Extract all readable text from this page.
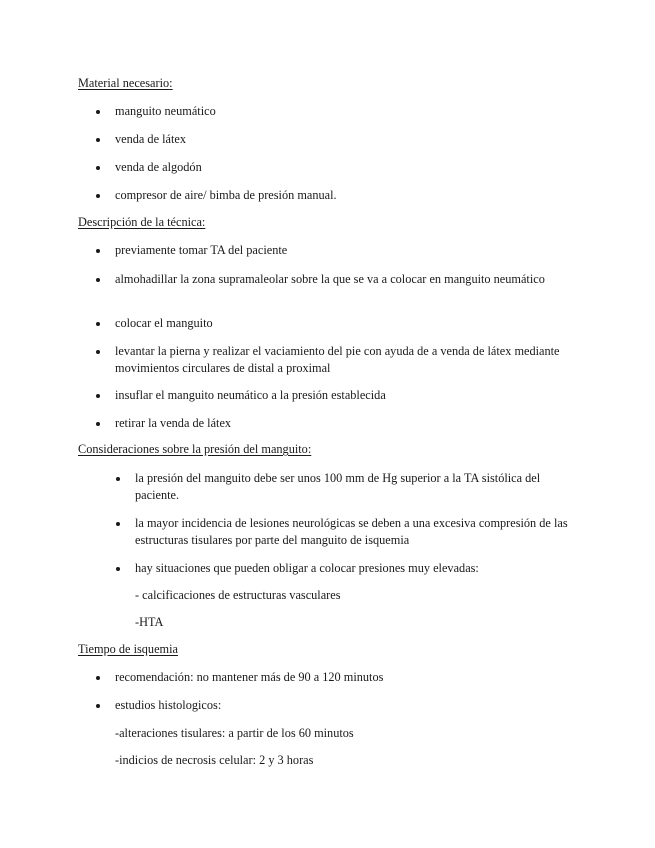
Material necesario:
manguito neumático
venda de látex
venda de algodón
compresor de aire/ bimba de presión manual.
Descripción de la técnica:
previamente tomar TA del paciente
almohadillar la zona supramaleolar sobre la que se va a colocar en manguito neumático
colocar el manguito
levantar la pierna y realizar el vaciamiento del pie con ayuda de a venda de látex mediante movimientos circulares de distal a proximal
insuflar el manguito neumático a la presión establecida
retirar la venda de látex
Consideraciones sobre la presión del manguito:
la presión del manguito debe ser unos 100 mm de Hg superior a la TA sistólica del paciente.
la mayor incidencia de lesiones neurológicas se deben a una excesiva compresión de las estructuras tisulares por parte del manguito de isquemia
hay situaciones que pueden obligar a colocar presiones muy elevadas:
- calcificaciones de estructuras vasculares
-HTA
Tiempo de isquemia
recomendación: no mantener más de 90 a 120 minutos
estudios histologicos:
-alteraciones tisulares: a partir de los 60 minutos
-indicios de necrosis celular: 2 y 3 horas
